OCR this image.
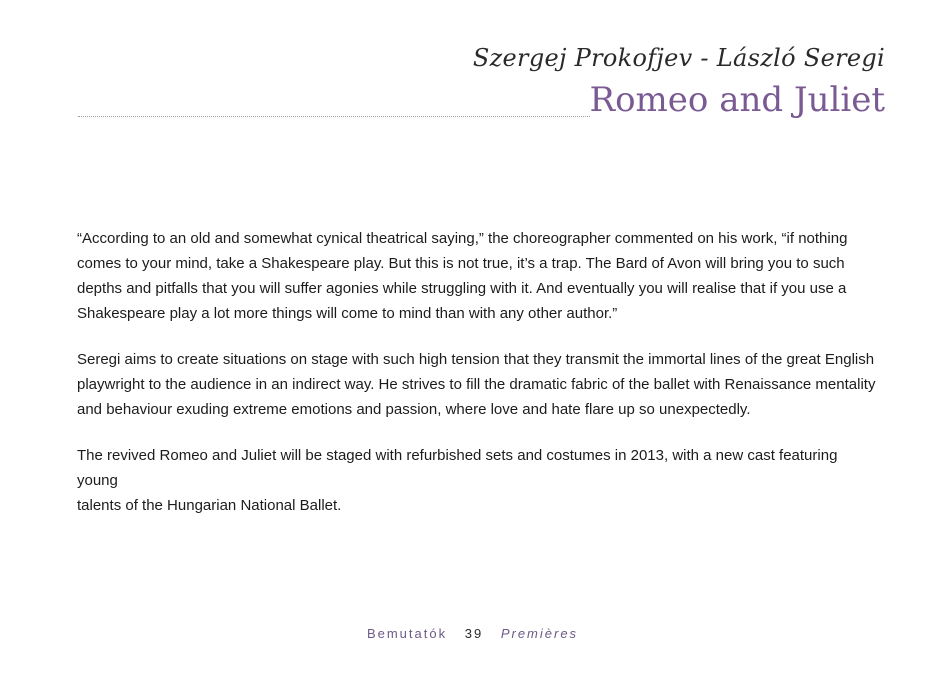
Szergej Prokofjev - László Seregi
Romeo and Juliet

“According to an old and somewhat cynical theatrical saying,” the choreographer commented on his work, “if nothing
comes to your mind, take a Shakespeare play. But this is not true, it’s a trap. The Bard of Avon will bring you to such
depths and pitfalls that you will suffer agonies while struggling with it. And eventually you will realise that if you use a
Shakespeare play a lot more things will come to mind than with any other author.”

Seregi aims to create situations on stage with such high tension that they transmit the immortal lines of the great English
playwright to the audience in an indirect way. He strives to fill the dramatic fabric of the ballet with Renaissance mentality
and behaviour exuding extreme emotions and passion, where love and hate flare up so unexpectedly.

The revived Romeo and Juliet will be staged with refurbished sets and costumes in 2013, with a new cast featuring young
talents of the Hungarian National Ballet.

Bemutatók 39 Premières
